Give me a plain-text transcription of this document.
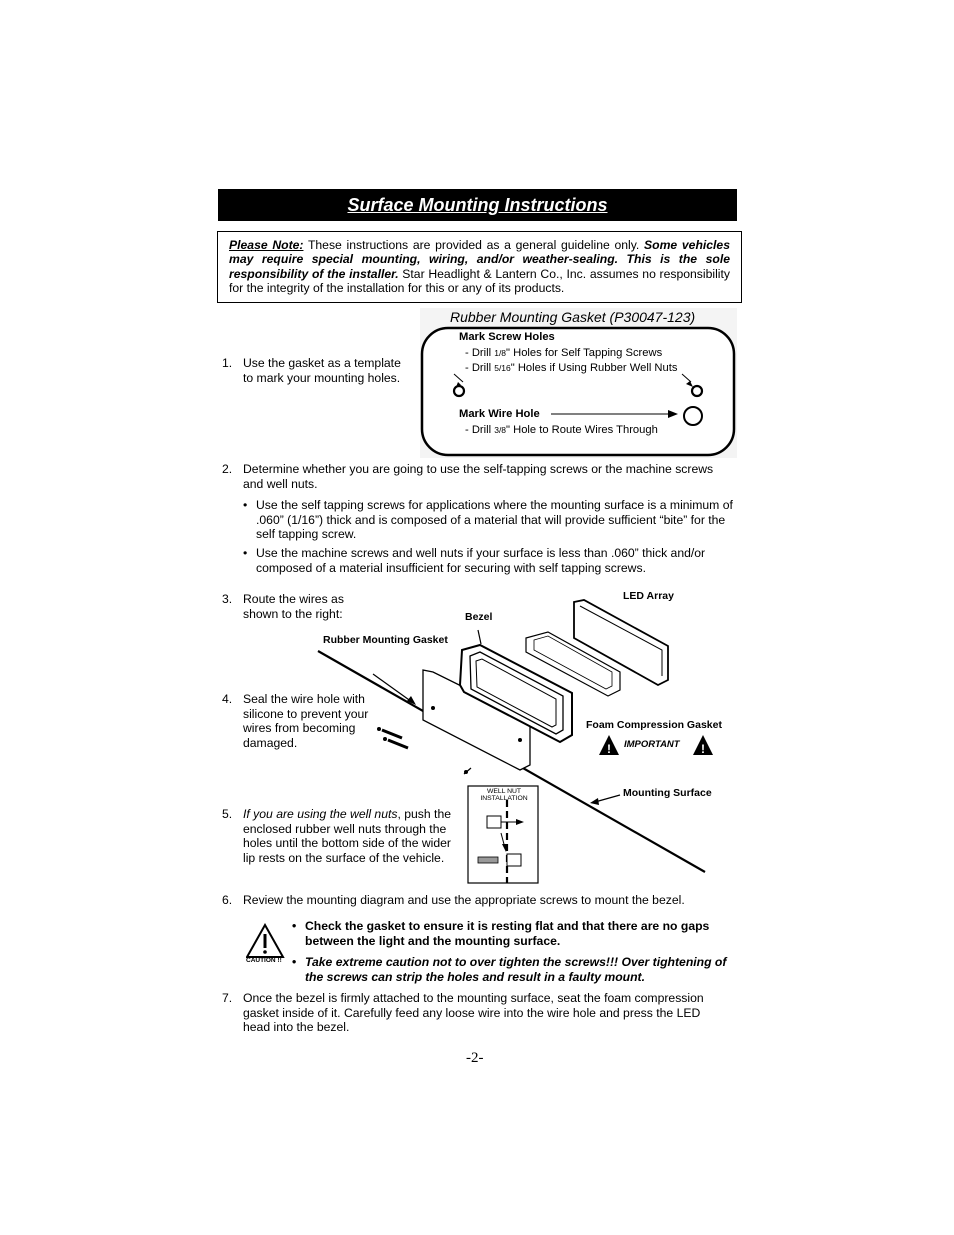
Surface Mounting Instructions
Please Note: These instructions are provided as a general guideline only. Some vehicles may require special mounting, wiring, and/or weather-sealing. This is the sole responsibility of the installer. Star Headlight & Lantern Co., Inc. assumes no responsibility for the integrity of the installation for this or any of its products.
Rubber Mounting Gasket (P30047-123)
Mark Screw Holes
- Drill 1/8" Holes for Self Tapping Screws
- Drill 5/16" Holes if Using Rubber Well Nuts
Mark Wire Hole
- Drill 3/8" Hole to Route Wires Through
1. Use the gasket as a template to mark your mounting holes.
2. Determine whether you are going to use the self-tapping screws or the machine screws and well nuts.
• Use the self tapping screws for applications where the mounting surface is a minimum of .060” (1/16”) thick and is composed of a material that will provide sufficient “bite” for the self tapping screw.
• Use the machine screws and well nuts if your surface is less than .060” thick and/or composed of a material insufficient for securing with self tapping screws.
3. Route the wires as shown to the right:
4. Seal the wire hole with silicone to prevent your wires from becoming damaged.
5. If you are using the well nuts, push the enclosed rubber well nuts through the holes until the bottom side of the wider lip rests on the surface of the vehicle.
LED Array
Bezel
Rubber Mounting Gasket
Foam Compression Gasket
!	!
IMPORTANT
Mounting Surface
WELL NUT
INSTALLATION
6. Review the mounting diagram and use the appropriate screws to mount the bezel.
CAUTION !!
• Check the gasket to ensure it is resting flat and that there are no gaps between the light and the mounting surface.
• Take extreme caution not to over tighten the screws!!! Over tightening of the screws can strip the holes and result in a faulty mount.
7. Once the bezel is firmly attached to the mounting surface, seat the foam compression gasket inside of it. Carefully feed any loose wire into the wire hole and press the LED head into the bezel.
-2-
